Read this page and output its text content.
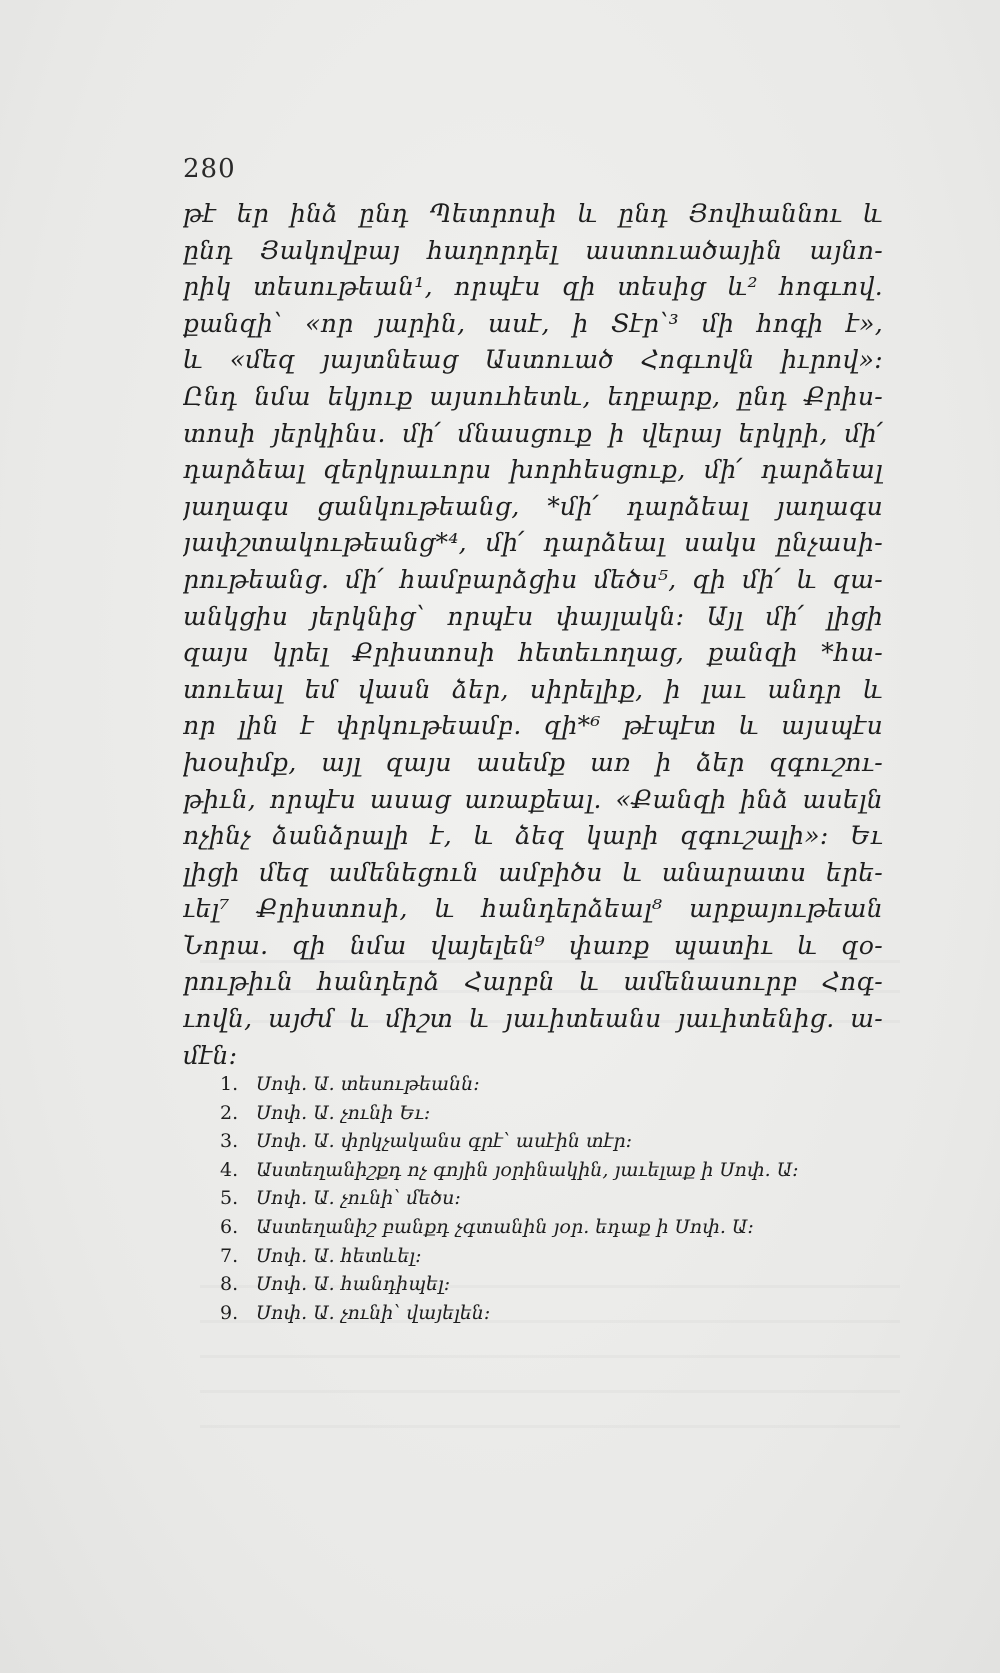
280
թէ եր ինձ ընդ Պետրոսի և ընդ Յովհաննու և
ընդ Յակովբայ հաղորդել աստուածային այնո-
րիկ տեսութեան¹, որպէս զի տեսից և² հոգւով.
քանզի՝ «որ յարին, ասէ, ի Տէր՝³ մի հոգի է»,
և «մեզ յայտնեաց Աստուած Հոգւովն իւրով»:
Ընդ նմա եկյուք այսուհետև, եղբարք, ընդ Քրիս-
տոսի յերկինս. մի՛ մնասցուք ի վերայ երկրի, մի՛
դարձեալ զերկրաւորս խորհեսցուք, մի՛ դարձեալ
յաղագս ցանկութեանց, *մի՛ դարձեալ յաղագս
յափշտակութեանց*⁴, մի՛ դարձեալ սակս ընչասի-
րութեանց. մի՛ համբարձցիս մեծս⁵, զի մի՛ և զա-
անկցիս յերկնից՝ որպէս փայլակն: Այլ մի՛ լիցի
զայս կրել Քրիստոսի հետեւողաց, քանզի *հա-
տուեալ եմ վասն ձեր, սիրելիք, ի լաւ անդր և
որ լին է փրկութեամբ. զի*⁶ թէպէտ և այսպէս
խօսիմք, այլ զայս ասեմք առ ի ձեր զգուշու-
թիւն, որպէս ասաց առաքեալ. «Քանզի ինձ ասելն
ոչինչ ձանձրալի է, և ձեզ կարի զգուշալի»: Եւ
լիցի մեզ ամենեցուն ամբիծս և անարատս երե-
ւել⁷ Քրիստոսի, և հանդերձեալ⁸ արքայութեան
Նորա. զի նմա վայելեն⁹ փառք պատիւ և զօ-
րութիւն հանդերձ Հարբն և ամենասուրբ Հոգ-
ւովն, այժմ և միշտ և յաւիտեանս յաւիտենից. ա-
մէն:
1. Սոփ. Ա. տեսութեանն:
2. Սոփ. Ա. չունի Եւ:
3. Սոփ. Ա. փրկչականս գրէ՝ ասէին տէր:
4. Աստեղանիշքդ ոչ գոյին յօրինակին, յաւելաք ի Սոփ. Ա:
5. Սոփ. Ա. չունի՝ մեծս:
6. Աստեղանիշ բանքդ չգտանին յօր. եդաք ի Սոփ. Ա:
7. Սոփ. Ա. հետևել:
8. Սոփ. Ա. հանդիպել:
9. Սոփ. Ա. չունի՝ վայելեն:
